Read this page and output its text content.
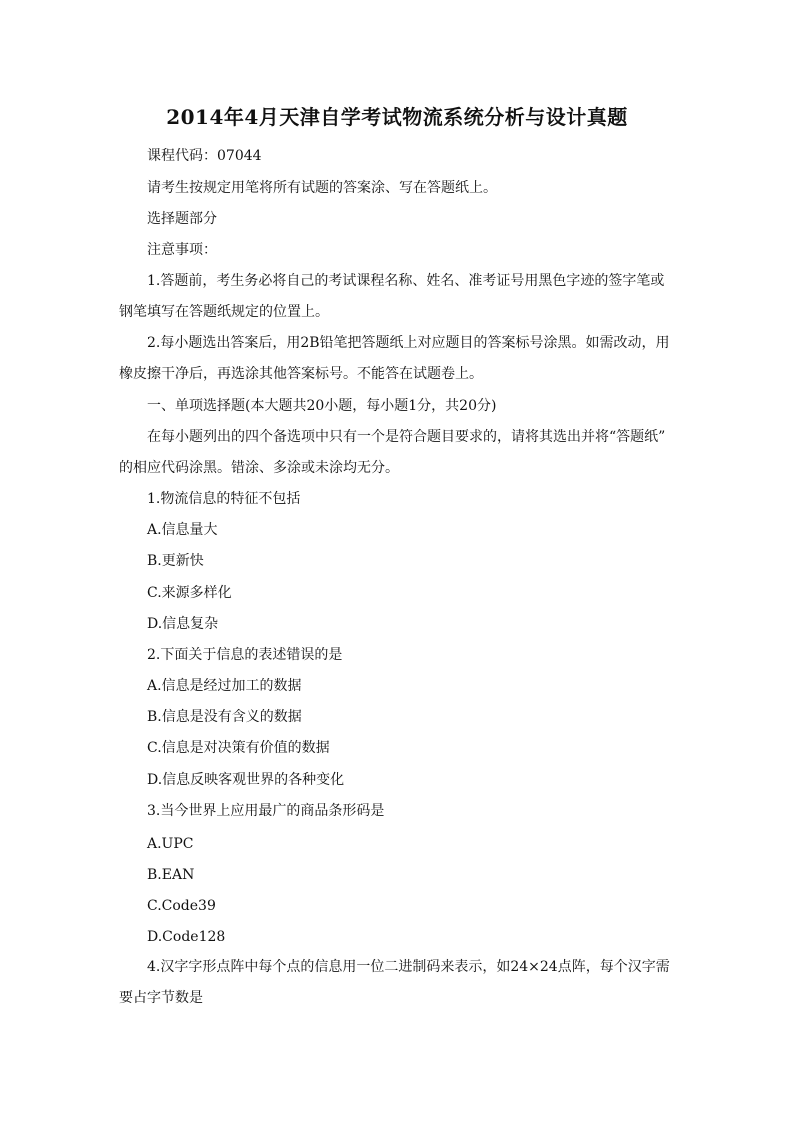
2014年4月天津自学考试物流系统分析与设计真题
课程代码：07044
请考生按规定用笔将所有试题的答案涂、写在答题纸上。
选择题部分
注意事项：
1.答题前，考生务必将自己的考试课程名称、姓名、准考证号用黑色字迹的签字笔或
钢笔填写在答题纸规定的位置上。
2.每小题选出答案后，用2B铅笔把答题纸上对应题目的答案标号涂黑。如需改动，用
橡皮擦干净后，再选涂其他答案标号。不能答在试题卷上。
一、单项选择题(本大题共20小题，每小题1分，共20分)
在每小题列出的四个备选项中只有一个是符合题目要求的，请将其选出并将“答题纸”
的相应代码涂黑。错涂、多涂或未涂均无分。
1.物流信息的特征不包括
A.信息量大
B.更新快
C.来源多样化
D.信息复杂
2.下面关于信息的表述错误的是
A.信息是经过加工的数据
B.信息是没有含义的数据
C.信息是对决策有价值的数据
D.信息反映客观世界的各种变化
3.当今世界上应用最广的商品条形码是
A.UPC
B.EAN
C.Code39
D.Code128
4.汉字字形点阵中每个点的信息用一位二进制码来表示，如24×24点阵，每个汉字需
要占字节数是
